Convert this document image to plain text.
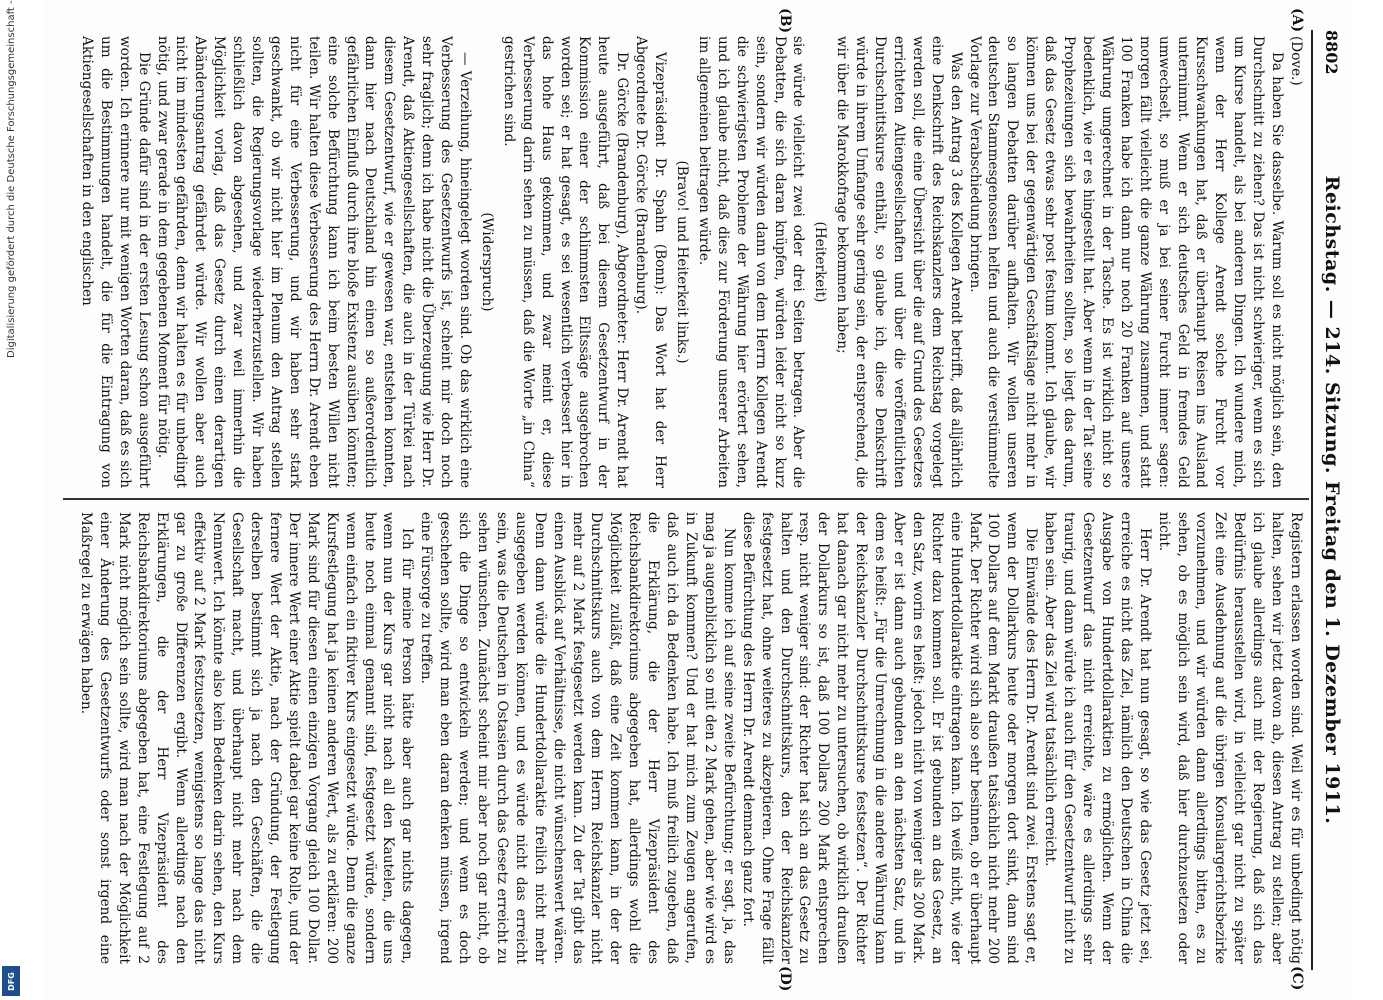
8802
Reichstag. — 214. Sitzung. Freitag den 1. Dezember 1911.
(A)
(B)
(C)
(D)

(Dove.)

Da haben Sie dasselbe. Warum soll es nicht möglich sein, den Durchschnitt zu ziehen? Das ist nicht schwieriger, wenn es sich um Kurse handelt, als bei anderen Dingen. Ich wundere mich, wenn der Herr Kollege Arendt solche Furcht vor Kursschwankungen hat, daß er überhaupt Reisen ins Ausland unternimmt. Wenn er sich deutsches Geld in fremdes Geld umwechselt, so muß er ja bei seiner Furcht immer sagen: morgen fällt vielleicht die ganze Währung zusammen, und statt 100 Franken habe ich dann nur noch 20 Franken auf unsere Währung umgerechnet in der Tasche. Es ist wirklich nicht so bedenklich, wie er es hingestellt hat. Aber wenn in der Tat seine Prophezeiungen sich bewahrheiten sollten, so liegt das darum, daß das Gesetz etwas sehr post festum kommt. Ich glaube, wir können uns bei der gegenwärtigen Geschäftslage nicht mehr in so langen Debatten darüber aufhalten. Wir wollen unseren deutschen Stammesgenossen helfen und auch die verstümmelte Vorlage zur Verabschiedung bringen.

Was den Antrag 3 des Kollegen Arendt betrifft, daß alljährlich eine Denkschrift des Reichskanzlers dem Reichstag vorgelegt werden soll, die eine Übersicht über die auf Grund des Gesetzes errichteten Altiengesellschaften und über die veröffentlichten Durchschnittskurse enthält, so glaube ich, diese Denkschrift würde in ihrem Umfange sehr gering sein, der entsprechend, die wir über die Marokkofrage bekommen haben;

(Heiterkeit)

sie würde vielleicht zwei oder drei Seiten betragen. Aber die Debatten, die sich daran knüpfen, würden leider nicht so kurz sein, sondern wir würden dann von dem Herrn Kollegen Arendt die schwierigsten Probleme der Währung hier erörtert sehen, und ich glaube nicht, daß dies zur Förderung unserer Arbeiten im allgemeinen beitragen würde.

(Bravo! und Heiterkeit links.)

Vizepräsident Dr. Spahn (Bonn): Das Wort hat der Herr Abgeordnete Dr. Görcke (Brandenburg).

Dr. Görcke (Brandenburg), Abgeordneter: Herr Dr. Arendt hat heute ausgeführt, daß bei diesem Gesetzentwurf in der Kommission einer der schlimmsten Eiltssäge ausgebrochen worden sei; er hat gesagt, es sei wesentlich verbessert hier in das hohe Haus gekommen, und zwar meint er, diese Verbesserung darin sehen zu müssen, daß die Worte „in China“ gestrichen sind.

(Widerspruch)

— Verzeihung, hineingelegt worden sind. Ob das wirklich eine Verbesserung des Gesetzentwurfs ist, scheint mir doch noch sehr fraglich; denn ich habe nicht die Überzeugung wie Herr Dr. Arendt, daß Aktiengesellschaften, die auch in der Türkei nach diesem Gesetzentwurf, wie er gewesen war, entstehen konnten, dann hier nach Deutschland hin einen so außerordentlich gefährlichen Einfluß durch ihre bloße Existenz ausüben könnten; eine solche Befürchtung kann ich beim besten Willen nicht teilen. Wir halten diese Verbesserung des Herrn Dr. Arendt eben nicht für eine Verbesserung, und wir haben sehr stark geschwankt, ob wir nicht hier im Plenum den Antrag stellen sollten, die Regierungsvorlage wiederherzustellen. Wir haben schließlich davon abgesehen, und zwar weil immerhin die Möglichkeit vorlag, daß das Gesetz durch einen derartigen Abänderungsantrag gefährdet würde. Wir wollen aber auch nicht im mindesten gefährden, denn wir halten es für unbedingt nötig, und zwar gerade in dem gegebenen Moment für nötig.

Die Gründe dafür sind in der ersten Lesung schon ausgeführt worden. Ich erinnere nur mit wenigen Worten daran, daß es sich um die Bestimmungen handelt, die für die Eintragung von Aktiengesellschaften in den englischen

Registern erlassen worden sind. Weil wir es für unbedingt nötig halten, sehen wir jetzt davon ab, diesen Antrag zu stellen; aber ich glaube allerdings auch mit der Regierung, daß sich das Bedürfnis herausstellen wird, in vielleicht gar nicht zu später Zeit eine Ausdehnung auf die übrigen Konsulargerichtsbezirke vorzunehmen, und wir würden dann allerdings bitten, es zu sehen, ob es möglich sein wird, daß hier durchzusetzen oder nicht.

Herr Dr. Arendt hat nun gesagt, so wie das Gesetz jetzt sei, erreiche es nicht das Ziel, nämlich den Deutschen in China die Ausgabe von Hundertdollaraktien zu ermöglichen. Wenn der Gesetzentwurf das nicht erreichte, wäre es allerdings sehr traurig, und dann würde ich auch für den Gesetzentwurf nicht zu haben sein. Aber das Ziel wird tatsächlich erreicht.

Die Einwände des Herrn Dr. Arendt sind zwei. Erstens sagt er, wenn der Dollarkurs heute oder morgen dort sinkt, dann sind 100 Dollars auf dem Markt draußen tatsächlich nicht mehr 200 Mark. Der Richter wird sich also sehr besinnen, ob er überhaupt eine Hundertdollaraktie eintragen kann. Ich weiß nicht, wie der Richter dazu kommen soll. Er ist gebunden an das Gesetz, an den Satz, worin es heißt: jedoch nicht von weniger als 200 Mark. Aber er ist dann auch gebunden an den nächsten Satz, und in dem es heißt: „Für die Umrechnung in die andere Währung kann der Reichskanzler Durchschnittskurse festsetzen“. Der Richter hat danach gar nicht mehr zu untersuchen, ob wirklich draußen der Dollarkurs so ist, daß 100 Dollars 200 Mark entsprechen resp. nicht weniger sind: der Richter hat sich an das Gesetz zu halten und den Durchschnittskurs, den der Reichskanzler festgesetzt hat, ohne weiteres zu akzeptieren. Ohne Frage fällt diese Befürchtung des Herrn Dr. Arendt demnach ganz fort.

Nun komme ich auf seine zweite Befürchtung; er sagt, ja, das mag ja augenblicklich so mit den 2 Mark gehen, aber wie wird es in Zukunft kommen? Und er hat mich zum Zeugen angerufen, daß auch ich da Bedenken habe. Ich muß freilich zugeben, daß die Erklärung, die der Herr Vizepräsident des Reichsbankdirektoriums abgegeben hat, allerdings wohl die Möglichkeit zuläßt, daß eine Zeit kommen kann, in der der Durchschnittskurs auch von dem Herrn Reichskanzler nicht mehr auf 2 Mark festgesetzt werden kann. Zu der Tat gibt das einen Ausblick auf Verhältnisse, die nicht wünschenswert wären. Denn dann würde die Hundertdollaraktie freilich nicht mehr ausgegeben werden können, und es würde nicht das erreicht sein, was die Deutschen in Ostasien durch das Gesetz erreicht zu sehen wünschen. Zunächst scheint mir aber noch gar nicht, ob sich die Dinge so entwickeln werden; und wenn es doch geschehen sollte, wird man eben daran denken müssen, irgend eine Fürsorge zu treffen.

Ich für meine Person hätte aber auch gar nichts dagegen, wenn nun der Kurs gar nicht nach all den Kautelen, die uns heute noch einmal genannt sind, festgesetzt würde, sondern wenn einfach ein fiktiver Kurs eingesetzt würde. Denn die ganze Kursfestlegung hat ja keinen anderen Wert, als zu erklären: 200 Mark sind für diesen einen einzigen Vorgang gleich 100 Dollar. Der innere Wert einer Aktie spielt dabei gar keine Rolle, und der fernere Wert der Aktie, nach der Gründung, der Festlegung derselben bestimmt sich ja nach den Geschäften, die die Gesellschaft macht, und überhaupt nicht mehr nach dem Nennwert. Ich könnte also kein Bedenken darin sehen, den Kurs effektiv auf 2 Mark festzusetzen, wenigstens so lange das nicht gar zu große Differenzen ergibt. Wenn allerdings nach den Erklärungen, die der Herr Vizepräsident des Reichsbankdirektoriums abgegeben hat, eine Festlegung auf 2 Mark nicht möglich sein sollte, wird man nach der Möglichkeit einer Änderung des Gesetzentwurfs oder sonst irgend eine Maßregel zu erwägen haben.

Digitalisierung gefördert durch die Deutsche Forschungsgemeinschaft -
DFG
